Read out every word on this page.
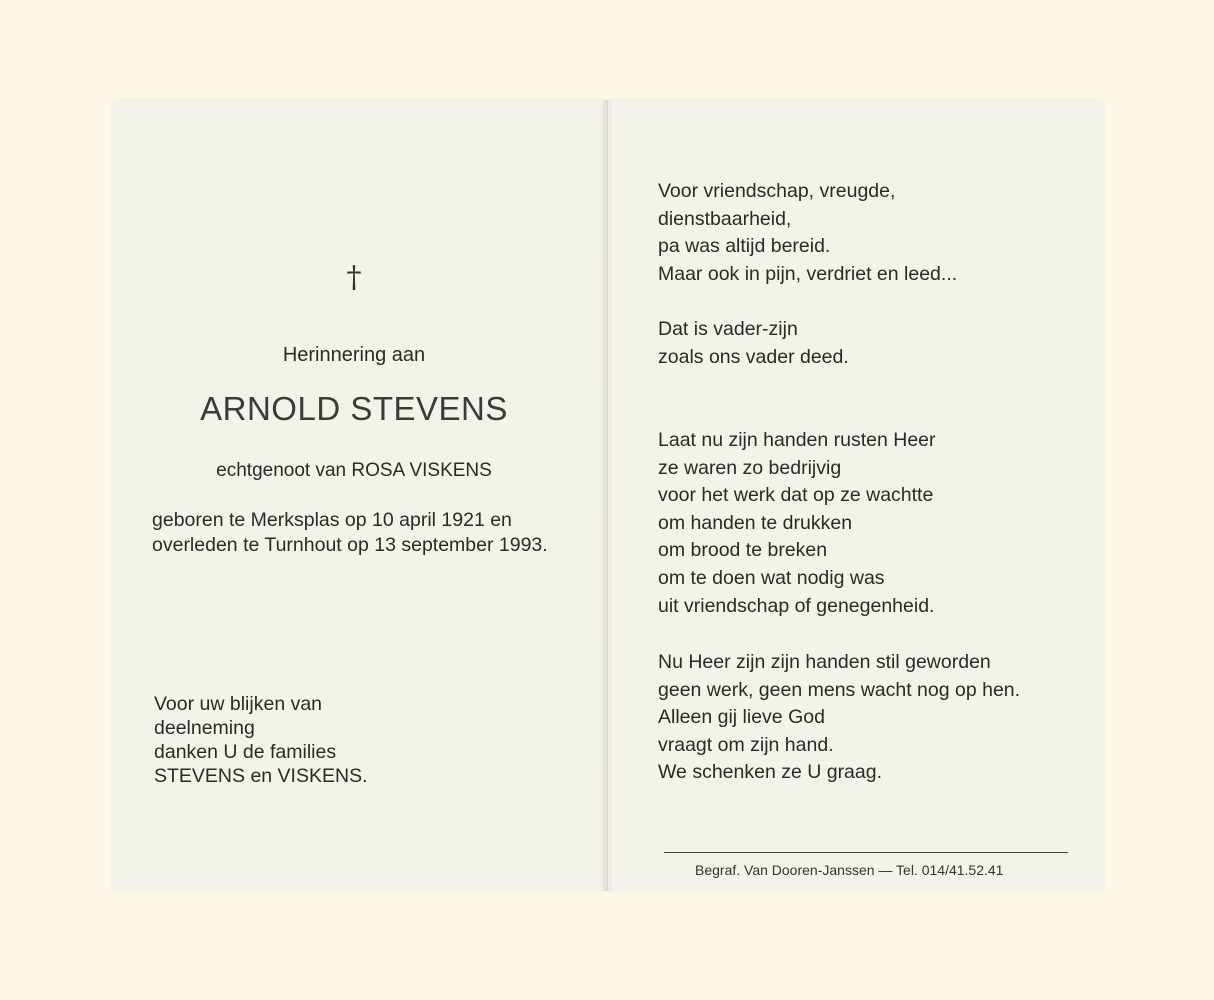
†
Herinnering aan
ARNOLD STEVENS
echtgenoot van ROSA VISKENS
geboren te Merksplas op 10 april 1921 en
overleden te Turnhout op 13 september 1993.
Voor uw blijken van
deelneming
danken U de families
STEVENS en VISKENS.
Voor vriendschap, vreugde,
dienstbaarheid,
pa was altijd bereid.
Maar ook in pijn, verdriet en leed...
Dat is vader-zijn
zoals ons vader deed.
Laat nu zijn handen rusten Heer
ze waren zo bedrijvig
voor het werk dat op ze wachtte
om handen te drukken
om brood te breken
om te doen wat nodig was
uit vriendschap of genegenheid.
Nu Heer zijn zijn handen stil geworden
geen werk, geen mens wacht nog op hen.
Alleen gij lieve God
vraagt om zijn hand.
We schenken ze U graag.
Begraf. Van Dooren-Janssen — Tel. 014/41.52.41
